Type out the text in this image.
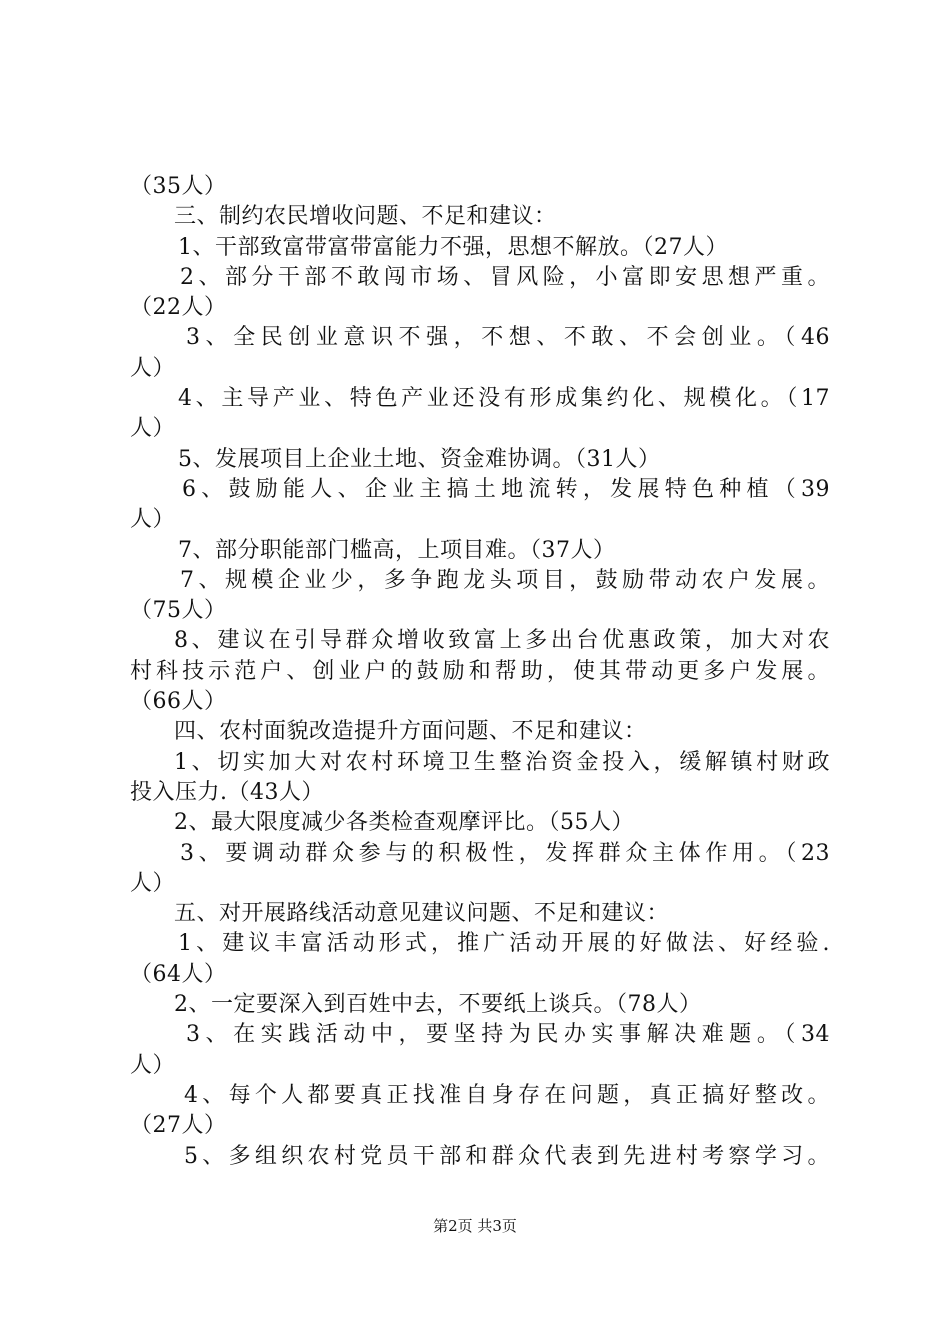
（35人）
三、制约农民增收问题、不足和建议：
1、干部致富带富带富能力不强，思想不解放。（27人）
2、部分干部不敢闯市场、冒风险，小富即安思想严重。
（22人）
3、全民创业意识不强，不想、不敢、不会创业。（46
人）
4、主导产业、特色产业还没有形成集约化、规模化。（17
人）
5、发展项目上企业土地、资金难协调。（31人）
6、鼓励能人、企业主搞土地流转，发展特色种植（39
人）
7、部分职能部门槛高，上项目难。（37人）
7、规模企业少，多争跑龙头项目，鼓励带动农户发展。
（75人）
8、建议在引导群众增收致富上多出台优惠政策，加大对农
村科技示范户、创业户的鼓励和帮助，使其带动更多户发展。
（66人）
四、农村面貌改造提升方面问题、不足和建议：
1、切实加大对农村环境卫生整治资金投入，缓解镇村财政
投入压力.（43人）
2、最大限度减少各类检查观摩评比。（55人）
3、要调动群众参与的积极性，发挥群众主体作用。（23
人）
五、对开展路线活动意见建议问题、不足和建议：
1、建议丰富活动形式，推广活动开展的好做法、好经验.
（64人）
2、一定要深入到百姓中去，不要纸上谈兵。（78人）
3、在实践活动中，要坚持为民办实事解决难题。（34
人）
4、每个人都要真正找准自身存在问题，真正搞好整改。
（27人）
5、多组织农村党员干部和群众代表到先进村考察学习。
第2页 共3页
